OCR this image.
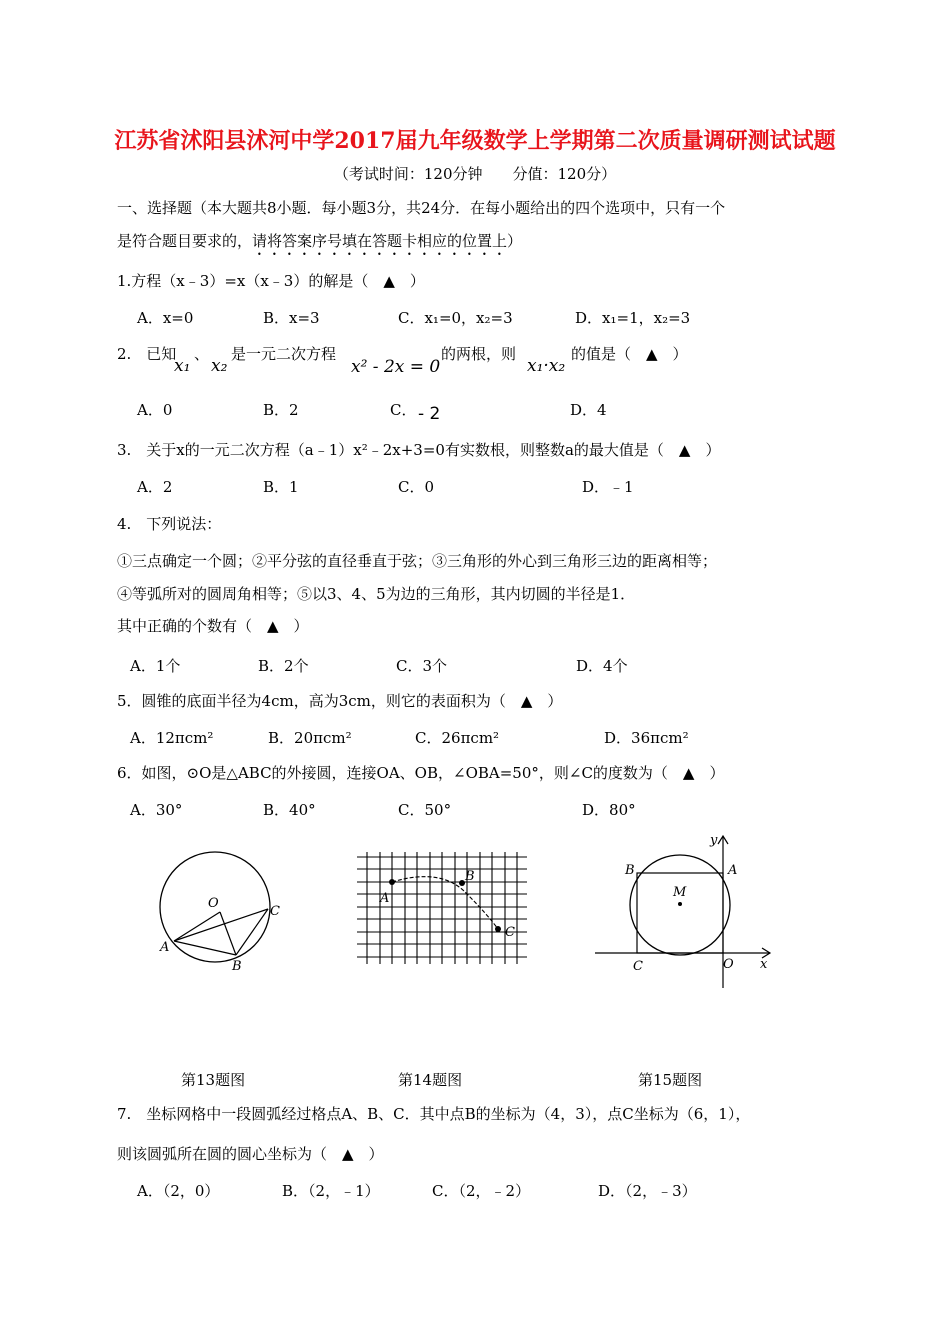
江苏省沭阳县沭河中学2017届九年级数学上学期第二次质量调研测试试题
（考试时间：120分钟　　分值：120分）
一、选择题（本大题共8小题．每小题3分，共24分．在每小题给出的四个选项中，只有一个
是符合题目要求的，请将答案序号填在答题卡相应的位置上）
1.方程（x﹣3）=x（x﹣3）的解是（　▲　）
A．x=0	B．x=3	C．x₁=0，x₂=3	D．x₁=1，x₂=3
2.　已知
x₁
、
x₂
是一元二次方程
x² - 2x = 0
的两根，则
x₁·x₂
的值是（　▲　）
A．0	B．2	C． - 2	D．4
3.　关于x的一元二次方程（a﹣1）x²﹣2x+3=0有实数根，则整数a的最大值是（　▲　）
A．2	B．1	C．0	D．﹣1
4.　下列说法：
①三点确定一个圆；②平分弦的直径垂直于弦；③三角形的外心到三角形三边的距离相等；
④等弧所对的圆周角相等；⑤以3、4、5为边的三角形，其内切圆的半径是1．
其中正确的个数有（　▲　）
A．1个	B．2个	C．3个	D．4个
5．圆锥的底面半径为4cm，高为3cm，则它的表面积为（　▲　）
A．12πcm²	B．20πcm²	C．26πcm²	D．36πcm²
6．如图，⊙O是△ABC的外接圆，连接OA、OB，∠OBA=50°，则∠C的度数为（　▲　）
A．30°	B．40°	C．50°	D．80°
O
A
B
C
A
B
C
M
B	A
C	O x
y
第13题图	第14题图	第15题图
7.　坐标网格中一段圆弧经过格点A、B、C．其中点B的坐标为（4，3），点C坐标为（6，1），
则该圆弧所在圆的圆心坐标为（　▲　）
A．（2，0）	B．（2，﹣1）	C．（2，﹣2）	D．（2，﹣3）
